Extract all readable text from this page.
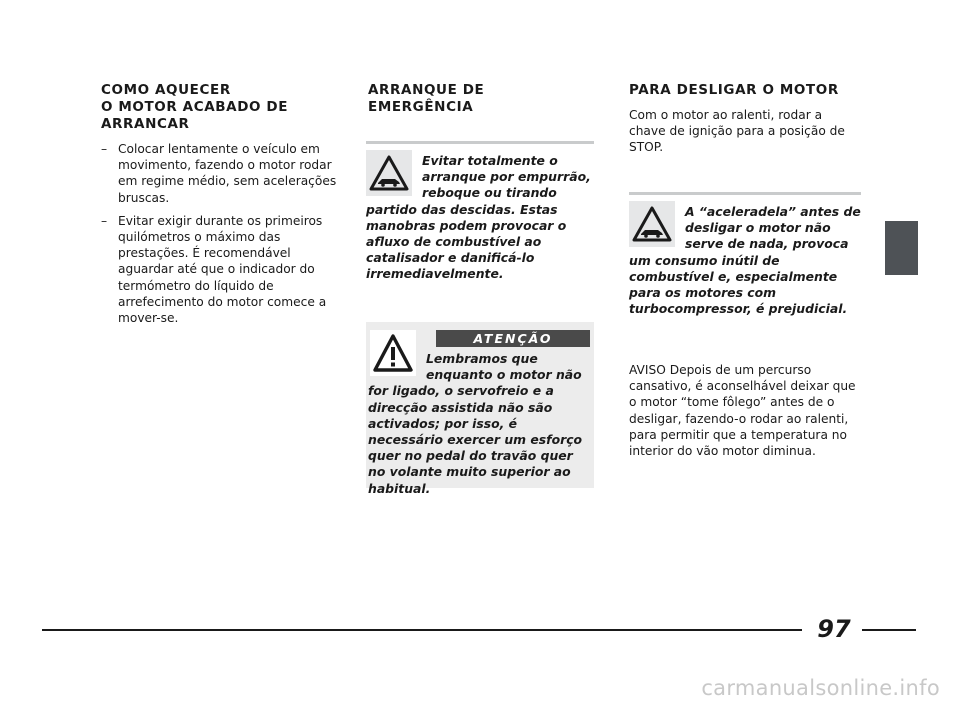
COMO AQUECER
O MOTOR ACABADO DE
ARRANCAR
– Colocar lentamente o veículo em movimento, fazendo o motor rodar em regime médio, sem acelerações bruscas.
– Evitar exigir durante os primeiros quilómetros o máximo das prestações. É recomendável aguardar até que o indicador do termómetro do líquido de arrefecimento do motor comece a mover-se.
ARRANQUE DE
EMERGÊNCIA

Evitar totalmente o arranque por empurrão, reboque ou tirando partido das descidas. Estas manobras podem provocar o afluxo de combustível ao catalisador e danificá-lo irremediavelmente.

ATENÇÃO

Lembramos que enquanto o motor não for ligado, o servofreio e a direcção assistida não são activados; por isso, é necessário exercer um esforço quer no pedal do travão quer no volante muito superior ao habitual.

PARA DESLIGAR O MOTOR

Com o motor ao ralenti, rodar a chave de ignição para a posição de STOP.

A “aceleradela” antes de desligar o motor não serve de nada, provoca um consumo inútil de combustível e, especialmente para os motores com turbocompressor, é prejudicial.

AVISO Depois de um percurso cansativo, é aconselhável deixar que o motor “tome fôlego” antes de o desligar, fazendo-o rodar ao ralenti, para permitir que a temperatura no interior do vão motor diminua.

97
carmanualsonline.info
